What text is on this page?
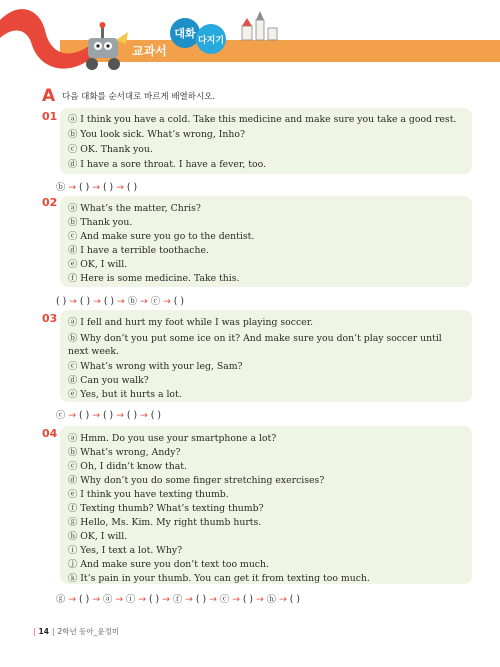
교과서
대화
다지기
A 다음 대화를 순서대로 바르게 배열하시오.
01 ⓐ I think you have a cold. Take this medicine and make sure you take a good rest.
ⓑ You look sick. What’s wrong, Inho?
ⓒ OK. Thank you.
ⓓ I have a sore throat. I have a fever, too.
ⓑ → ( ) → ( ) → ( )
02 ⓐ What’s the matter, Chris?
ⓑ Thank you.
ⓒ And make sure you go to the dentist.
ⓓ I have a terrible toothache.
ⓔ OK, I will.
ⓕ Here is some medicine. Take this.
( ) → ( ) → ( ) → ⓑ → ⓒ → ( )
03 ⓐ I fell and hurt my foot while I was playing soccer.
ⓑ Why don’t you put some ice on it? And make sure you don’t play soccer until
next week.
ⓒ What’s wrong with your leg, Sam?
ⓓ Can you walk?
ⓔ Yes, but it hurts a lot.
ⓒ → ( ) → ( ) → ( ) → ( )
04 ⓐ Hmm. Do you use your smartphone a lot?
ⓑ What’s wrong, Andy?
ⓒ Oh, I didn’t know that.
ⓓ Why don’t you do some finger stretching exercises?
ⓔ I think you have texting thumb.
ⓕ Texting thumb? What’s texting thumb?
ⓖ Hello, Ms. Kim. My right thumb hurts.
ⓗ OK, I will.
ⓘ Yes, I text a lot. Why?
ⓙ And make sure you don’t text too much.
ⓚ It’s pain in your thumb. You can get it from texting too much.
ⓖ → ( ) → ⓐ → ⓘ → ( ) → ⓕ → ( ) → ⓒ → ( ) → ⓗ → ( )
| 14 | 2학년 동아_윤정미
